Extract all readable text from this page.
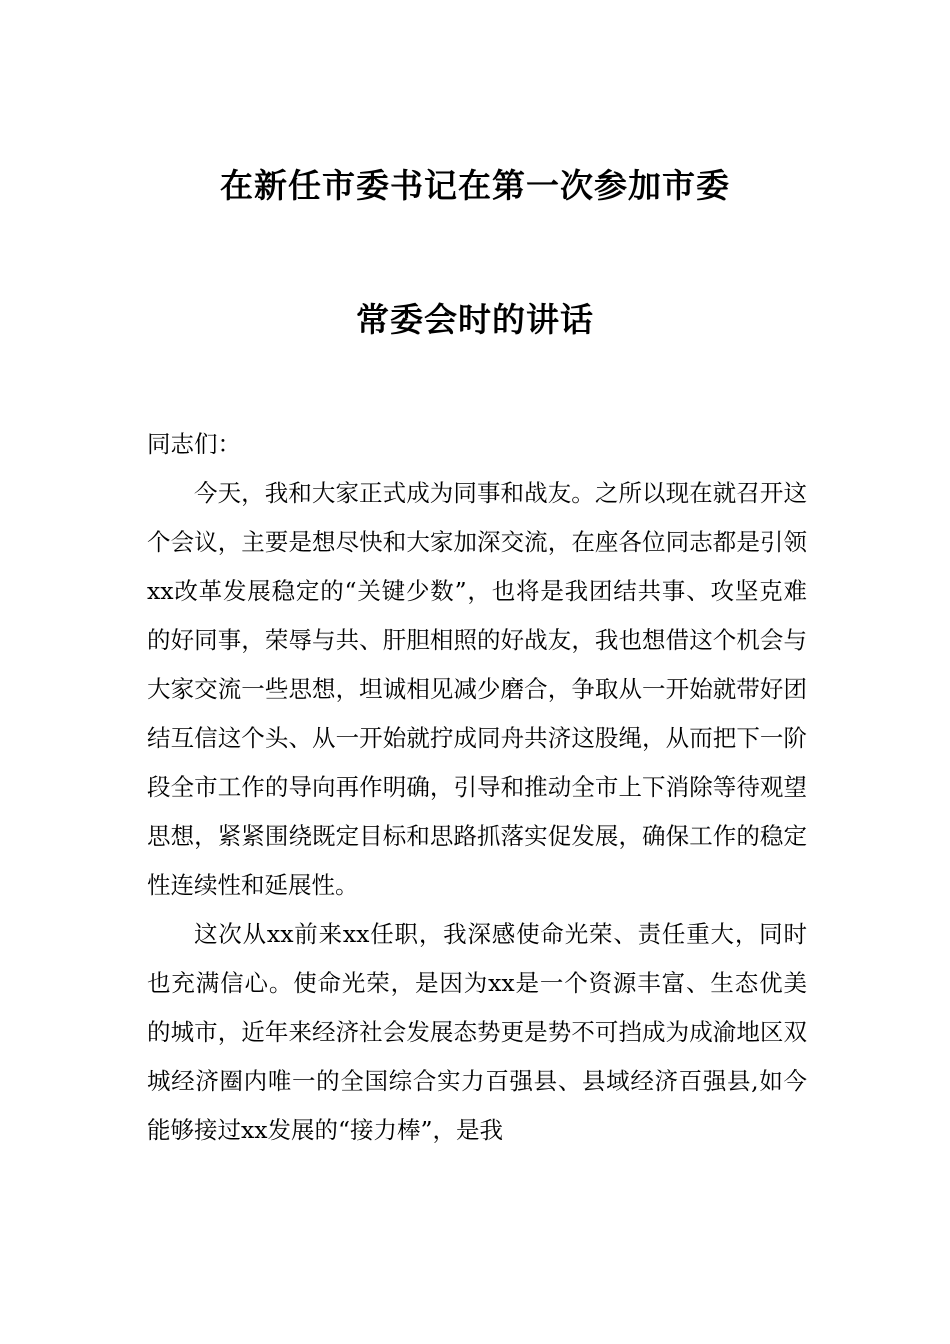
在新任市委书记在第一次参加市委
常委会时的讲话

同志们：

今天，我和大家正式成为同事和战友。之所以现在就召开这个会议，主要是想尽快和大家加深交流，在座各位同志都是引领xx改革发展稳定的“关键少数”，也将是我团结共事、攻坚克难的好同事，荣辱与共、肝胆相照的好战友，我也想借这个机会与大家交流一些思想，坦诚相见减少磨合，争取从一开始就带好团结互信这个头、从一开始就拧成同舟共济这股绳，从而把下一阶段全市工作的导向再作明确，引导和推动全市上下消除等待观望思想，紧紧围绕既定目标和思路抓落实促发展，确保工作的稳定性连续性和延展性。

这次从xx前来xx任职，我深感使命光荣、责任重大，同时也充满信心。使命光荣，是因为xx是一个资源丰富、生态优美的城市，近年来经济社会发展态势更是势不可挡成为成渝地区双城经济圈内唯一的全国综合实力百强县、县域经济百强县,如今能够接过xx发展的“接力棒”，是我
